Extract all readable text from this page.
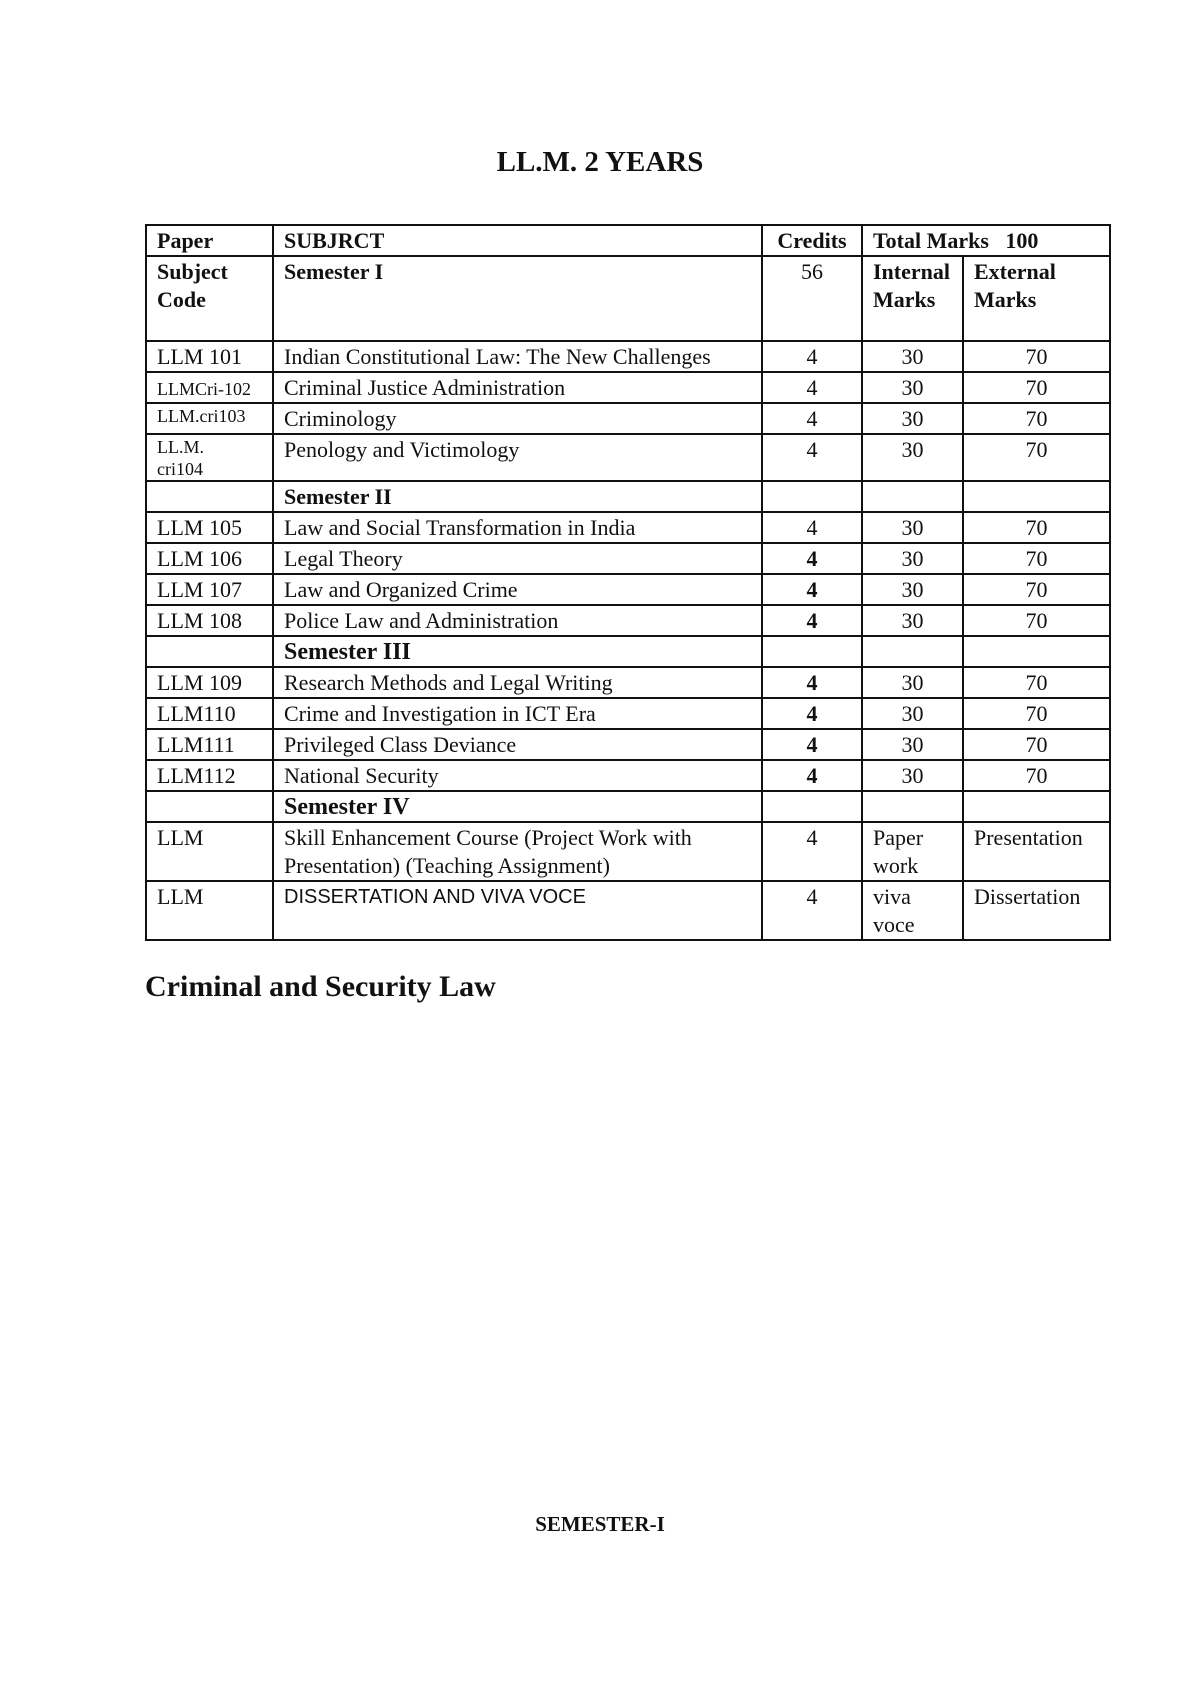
LL.M. 2 YEARS
Paper	SUBJRCT	Credits	Total Marks   100	
Subject Code	Semester I	56	Internal Marks	External Marks
LLM 101	Indian Constitutional Law: The New Challenges	4	30	70
LLMCri-102	Criminal Justice Administration	4	30	70
LLM.cri103	Criminology	4	30	70
LL.M. cri104	Penology and Victimology	4	30	70
	Semester II			
LLM 105	Law and Social Transformation in India	4	30	70
LLM 106	Legal Theory	4	30	70
LLM 107	Law and Organized Crime	4	30	70
LLM 108	Police Law and Administration	4	30	70
	Semester III			
LLM 109	Research Methods and Legal Writing	4	30	70
LLM110	Crime and Investigation in ICT Era	4	30	70
LLM111	Privileged Class Deviance	4	30	70
LLM112	National Security	4	30	70
	Semester IV			
LLM	Skill Enhancement Course (Project Work with Presentation) (Teaching Assignment)	4	Paper work	Presentation
LLM	DISSERTATION AND VIVA VOCE	4	viva voce	Dissertation
Criminal and Security Law
SEMESTER-I
